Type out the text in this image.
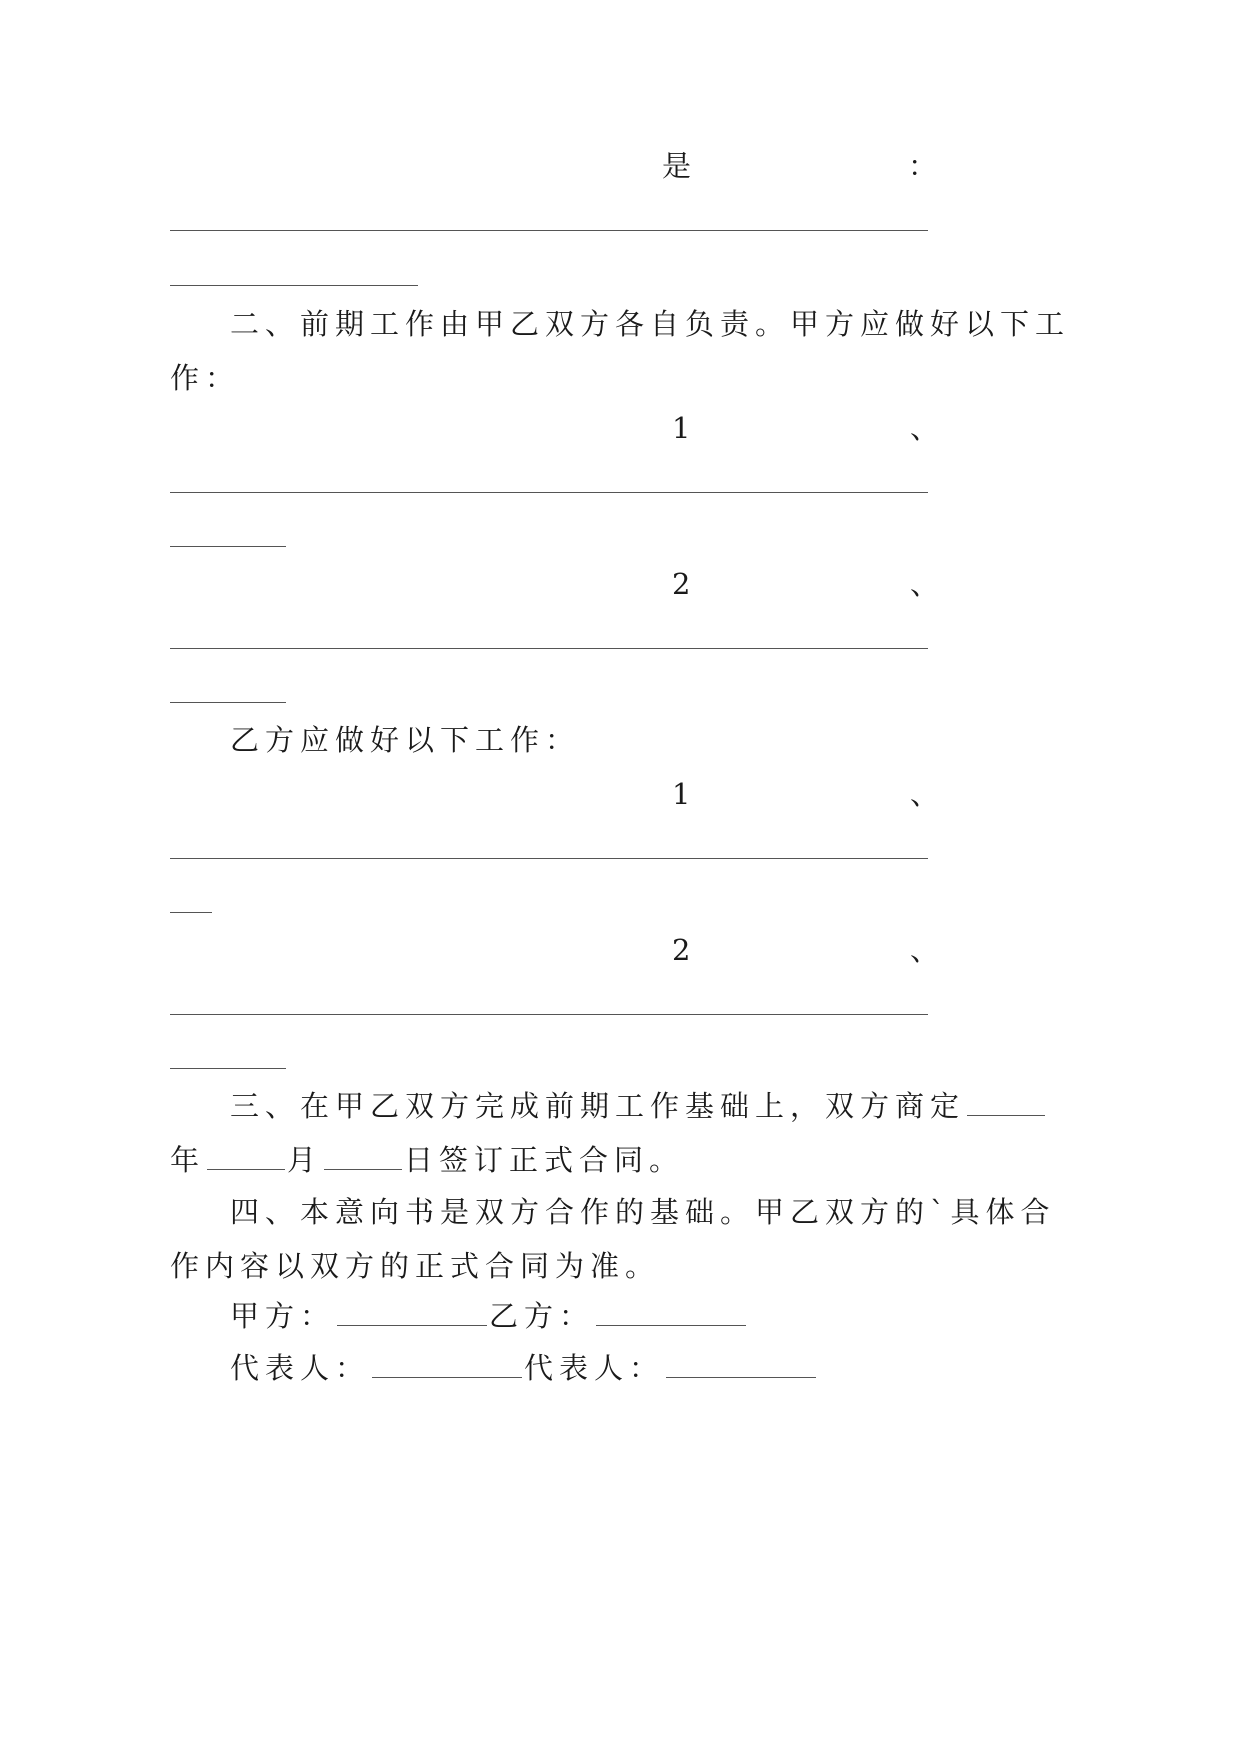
是	：
二、前期工作由甲乙双方各自负责。甲方应做好以下工
作：
1	、
2	、
乙方应做好以下工作：
1	、
2	、
三、在甲乙双方完成前期工作基础上，双方商定
年	月	日签订正式合同。
四、本意向书是双方合作的基础。甲乙双方的`具体合
作内容以双方的正式合同为准。
甲方：	乙方：
代表人：	代表人：
